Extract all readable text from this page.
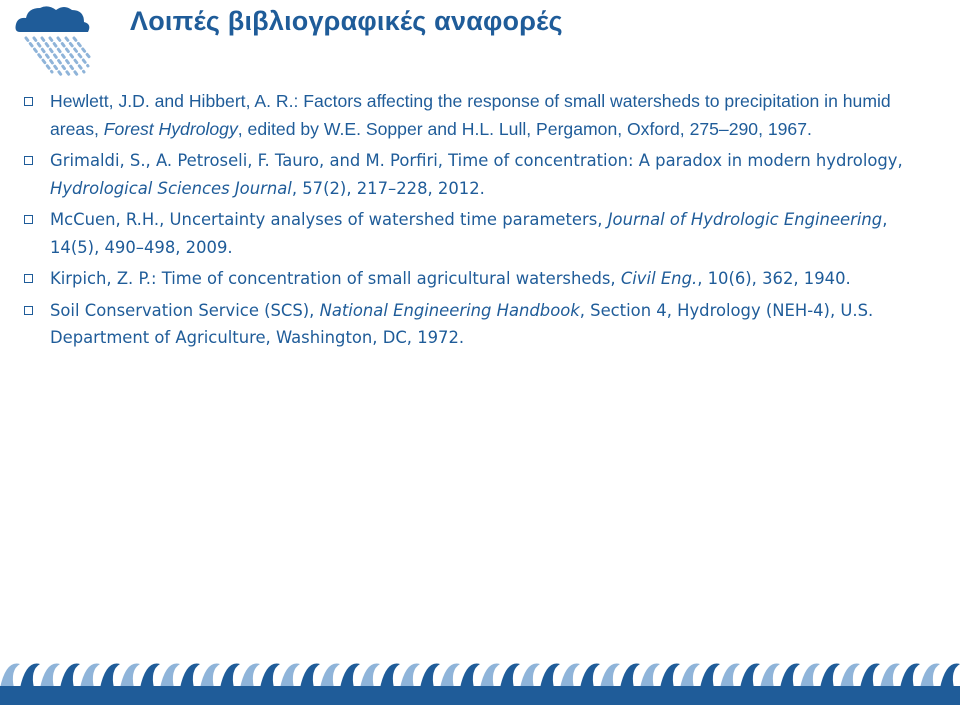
Λοιπές βιβλιογραφικές αναφορές
Hewlett, J.D. and Hibbert, A. R.: Factors affecting the response of small watersheds to precipitation in humid areas, Forest Hydrology, edited by W.E. Sopper and H.L. Lull, Pergamon, Oxford, 275–290, 1967.
Grimaldi, S., A. Petroseli, F. Tauro, and M. Porfiri, Time of concentration: A paradox in modern hydrology, Hydrological Sciences Journal, 57(2), 217–228, 2012.
McCuen, R.H., Uncertainty analyses of watershed time parameters, Journal of Hydrologic Engineering, 14(5), 490–498, 2009.
Kirpich, Z. P.: Time of concentration of small agricultural watersheds, Civil Eng., 10(6), 362, 1940.
Soil Conservation Service (SCS), National Engineering Handbook, Section 4, Hydrology (NEH-4), U.S. Department of Agriculture, Washington, DC, 1972.
